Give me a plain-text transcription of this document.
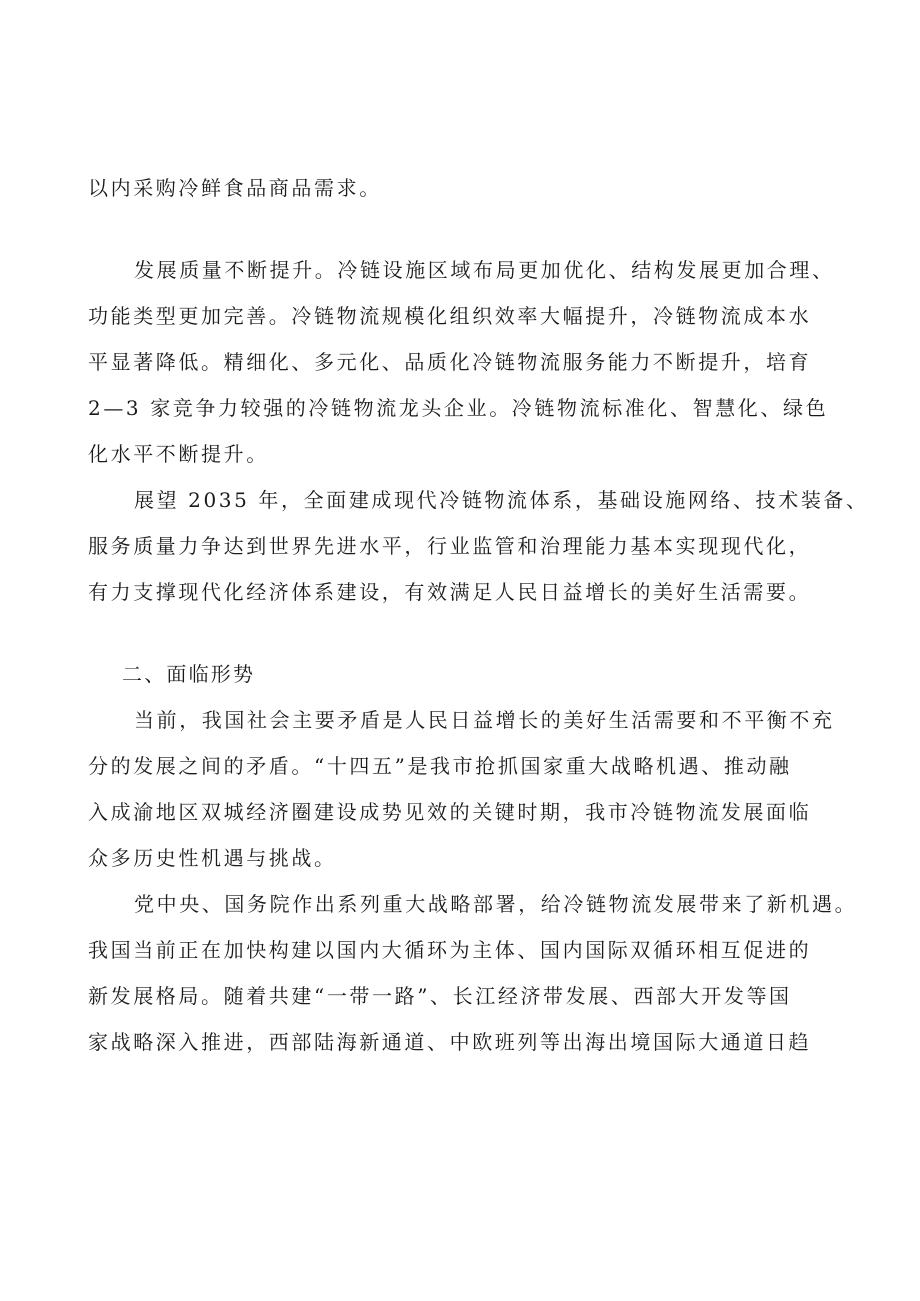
以内采购冷鲜食品商品需求。
发展质量不断提升。冷链设施区域布局更加优化、结构发展更加合理、
功能类型更加完善。冷链物流规模化组织效率大幅提升，冷链物流成本水
平显著降低。精细化、多元化、品质化冷链物流服务能力不断提升，培育
2—3 家竞争力较强的冷链物流龙头企业。冷链物流标准化、智慧化、绿色
化水平不断提升。
展望 2035 年，全面建成现代冷链物流体系，基础设施网络、技术装备、
服务质量力争达到世界先进水平，行业监管和治理能力基本实现现代化，
有力支撑现代化经济体系建设，有效满足人民日益增长的美好生活需要。
二、面临形势
当前，我国社会主要矛盾是人民日益增长的美好生活需要和不平衡不充
分的发展之间的矛盾。“十四五”是我市抢抓国家重大战略机遇、推动融
入成渝地区双城经济圈建设成势见效的关键时期，我市冷链物流发展面临
众多历史性机遇与挑战。
党中央、国务院作出系列重大战略部署，给冷链物流发展带来了新机遇。
我国当前正在加快构建以国内大循环为主体、国内国际双循环相互促进的
新发展格局。随着共建“一带一路”、长江经济带发展、西部大开发等国
家战略深入推进，西部陆海新通道、中欧班列等出海出境国际大通道日趋
